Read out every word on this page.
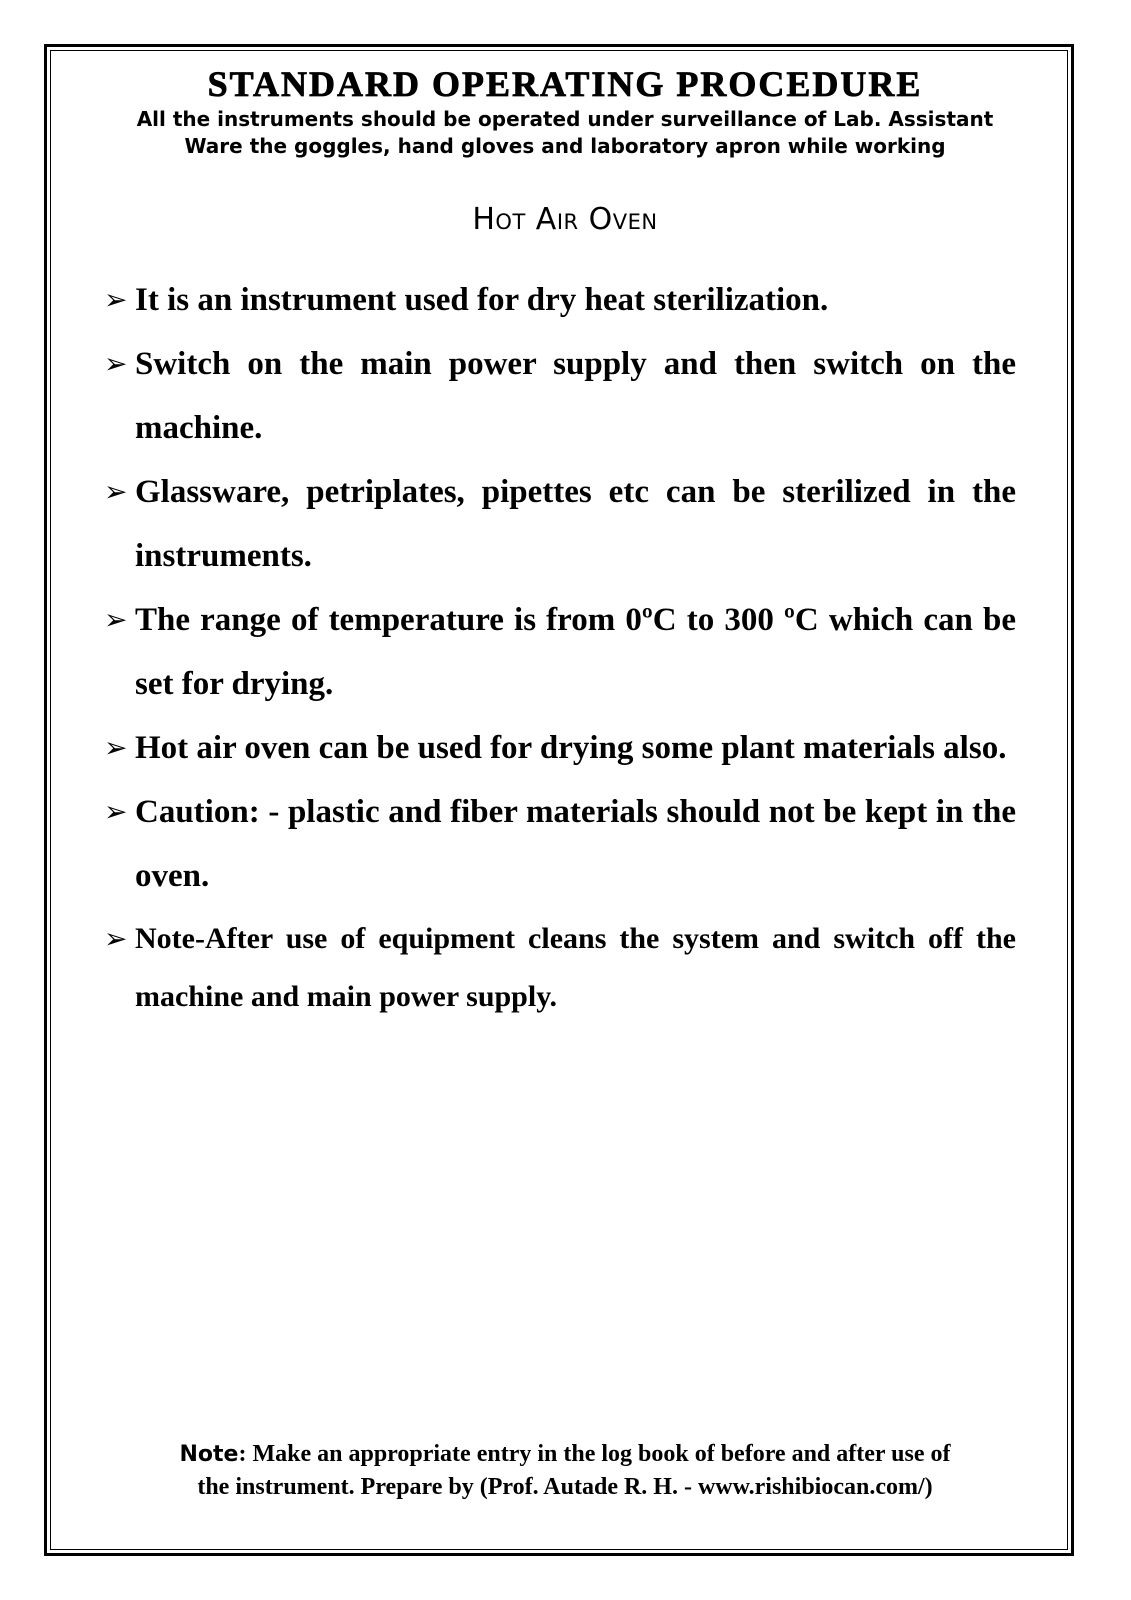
STANDARD OPERATING PROCEDURE

All the instruments should be operated under surveillance of Lab. Assistant

Ware the goggles, hand gloves and laboratory apron while working

Hot Air Oven
➢ It is an instrument used for dry heat sterilization.
➢ Switch on the main power supply and then switch on the machine.
➢ Glassware, petriplates, pipettes etc can be sterilized in the instruments.
➢ The range of temperature is from 0ºC to 300 ºC which can be set for drying.
➢ Hot air oven can be used for drying some plant materials also.
➢ Caution: - plastic and fiber materials should not be kept in the oven.
➢ Note-After use of equipment cleans the system and switch off the machine and main power supply.
Note: Make an appropriate entry in the log book of before and after use of
the instrument. Prepare by (Prof. Autade R. H. - www.rishibiocan.com/)
